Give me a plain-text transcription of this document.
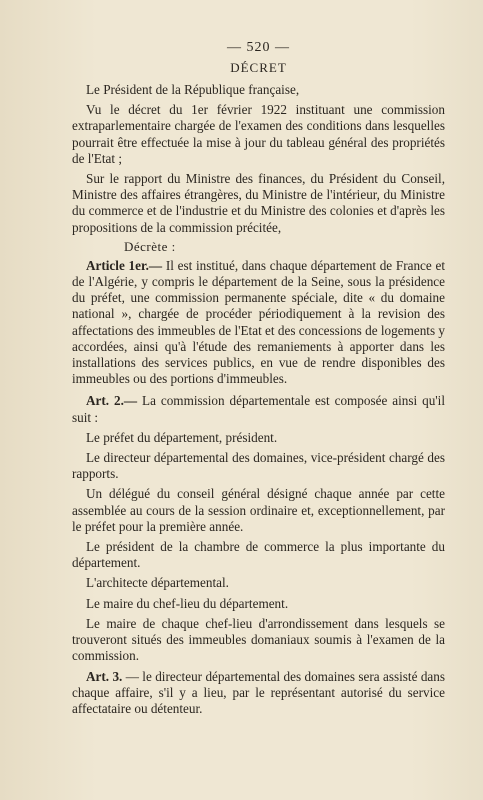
— 520 —
DÉCRET

Le Président de la République française,

Vu le décret du 1er février 1922 instituant une commission extraparlementaire chargée de l'examen des conditions dans lesquelles pourrait être effectuée la mise à jour du tableau général des propriétés de l'Etat ;

Sur le rapport du Ministre des finances, du Président du Conseil, Ministre des affaires étrangères, du Ministre de l'intérieur, du Ministre du commerce et de l'industrie et du Ministre des colonies et d'après les propositions de la commission précitée,

Décrète :

Article 1er.— Il est institué, dans chaque département de France et de l'Algérie, y compris le département de la Seine, sous la présidence du préfet, une commission permanente spéciale, dite « du domaine national », chargée de procéder périodiquement à la revision des affectations des immeubles de l'Etat et des concessions de logements y accordées, ainsi qu'à l'étude des remaniements à apporter dans les installations des services publics, en vue de rendre disponibles des immeubles ou des portions d'immeubles.

Art. 2.— La commission départementale est composée ainsi qu'il suit :

Le préfet du département, président.

Le directeur départemental des domaines, vice-président chargé des rapports.

Un délégué du conseil général désigné chaque année par cette assemblée au cours de la session ordinaire et, exceptionnellement, par le préfet pour la première année.

Le président de la chambre de commerce la plus importante du département.

L'architecte départemental.

Le maire du chef-lieu du département.

Le maire de chaque chef-lieu d'arrondissement dans lesquels se trouveront situés des immeubles domaniaux soumis à l'examen de la commission.

Art. 3. — le directeur départemental des domaines sera assisté dans chaque affaire, s'il y a lieu, par le représentant autorisé du service affectataire ou détenteur.
